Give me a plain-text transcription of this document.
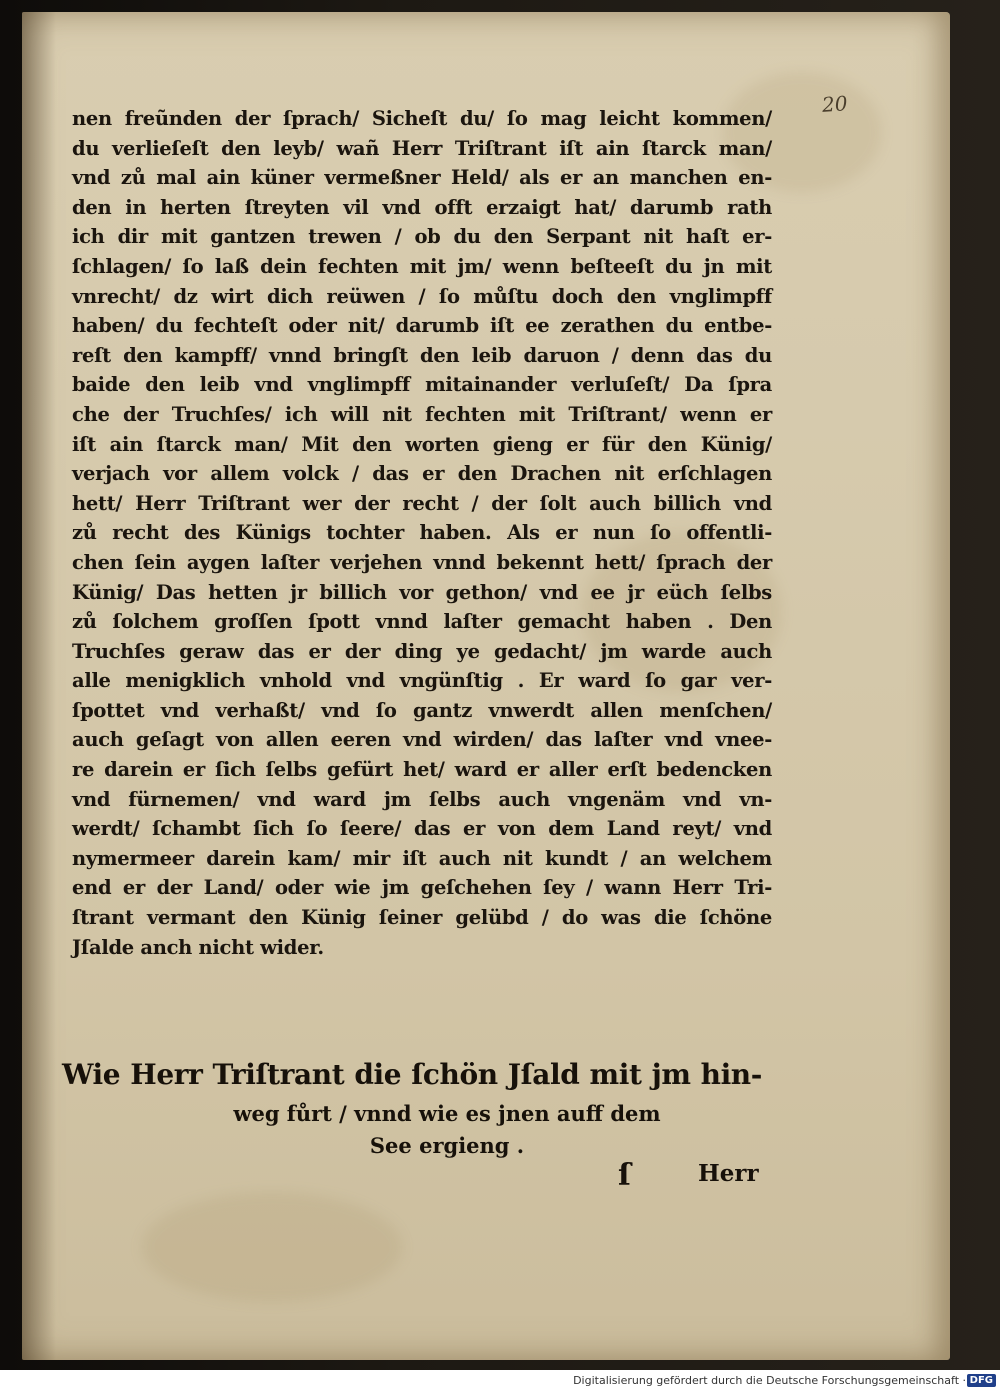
20
nen freũnden der ſprach/ Sicheſt du/ ſo mag leicht kommen/
du verlieſeſt den leyb/ wañ Herr Triſtrant iſt ain ſtarck man/
vnd zů mal ain küner vermeßner Held/ als er an manchen en-
den in herten ſtreyten vil vnd offt erzaigt hat/ darumb rath
ich dir mit gantzen trewen / ob du den Serpant nit haſt er-
ſchlagen/ ſo laß dein fechten mit jm/ wenn beſteeſt du jn mit
vnrecht/ dz wirt dich reüwen / ſo můſtu doch den vnglimpff
haben/ du fechteſt oder nit/ darumb iſt ee zerathen du entbe-
reſt den kampff/ vnnd bringſt den leib daruon / denn das du
baide den leib vnd vnglimpff mitainander verluſeſt/ Da ſpra
che der Truchſes/ ich will nit fechten mit Triſtrant/ wenn er
iſt ain ſtarck man/ Mit den worten gieng er für den Künig/
verjach vor allem volck / das er den Drachen nit erſchlagen
hett/ Herr Triſtrant wer der recht / der ſolt auch billich vnd
zů recht des Künigs tochter haben. Als er nun ſo offentli-
chen ſein aygen laſter verjehen vnnd bekennt hett/ ſprach der
Künig/ Das hetten jr billich vor gethon/ vnd ee jr eüch ſelbs
zů ſolchem groſſen ſpott vnnd laſter gemacht haben . Den
Truchſes geraw das er der ding ye gedacht/ jm warde auch
alle menigklich vnhold vnd vngünſtig . Er ward ſo gar ver-
ſpottet vnd verhaßt/ vnd ſo gantz vnwerdt allen menſchen/
auch geſagt von allen eeren vnd wirden/ das laſter vnd vnee-
re darein er ſich ſelbs gefürt het/ ward er aller erſt bedencken
vnd fürnemen/ vnd ward jm ſelbs auch vngenäm vnd vn-
werdt/ ſchambt ſich ſo ſeere/ das er von dem Land reyt/ vnd
nymermeer darein kam/ mir iſt auch nit kundt / an welchem
end er der Land/ oder wie jm geſchehen ſey / wann Herr Tri-
ſtrant vermant den Künig ſeiner gelübd / do was die ſchöne
Jſalde anch nicht wider.
Wie Herr Triſtrant die ſchön Jſald mit jm hin-
weg fůrt / vnnd wie es jnen auff dem
See ergieng .
ſ	Herr
Digitalisierung gefördert durch die Deutsche Forschungsgemeinschaft · DFG
